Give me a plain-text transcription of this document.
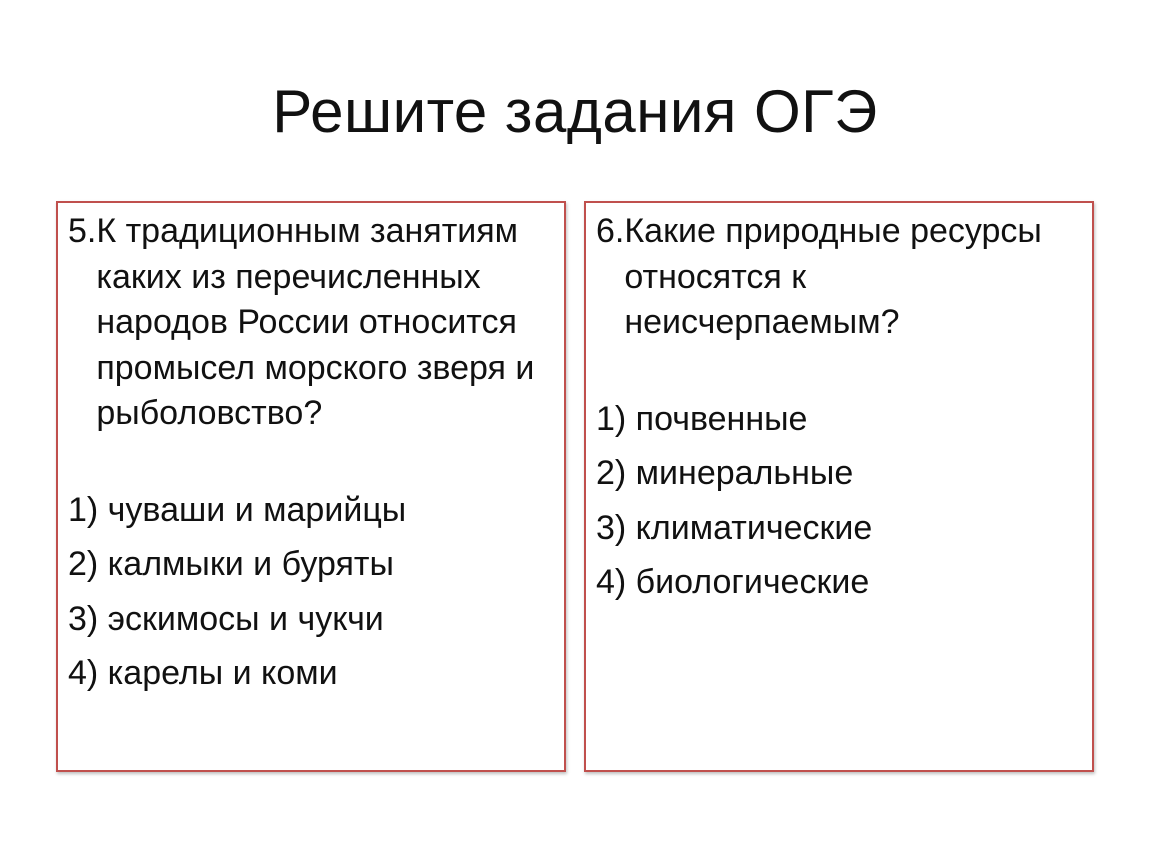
Решите задания ОГЭ
5. К традиционным занятиям каких из перечисленных народов России относится промысел морского зверя и рыболовство?
1) чуваши и марийцы
2) калмыки и буряты
3) эскимосы и чукчи
4) карелы и коми
6. Какие природные ресурсы относятся к неисчерпаемым?
1) почвенные
2) минеральные
3) климатические
4) биологические
